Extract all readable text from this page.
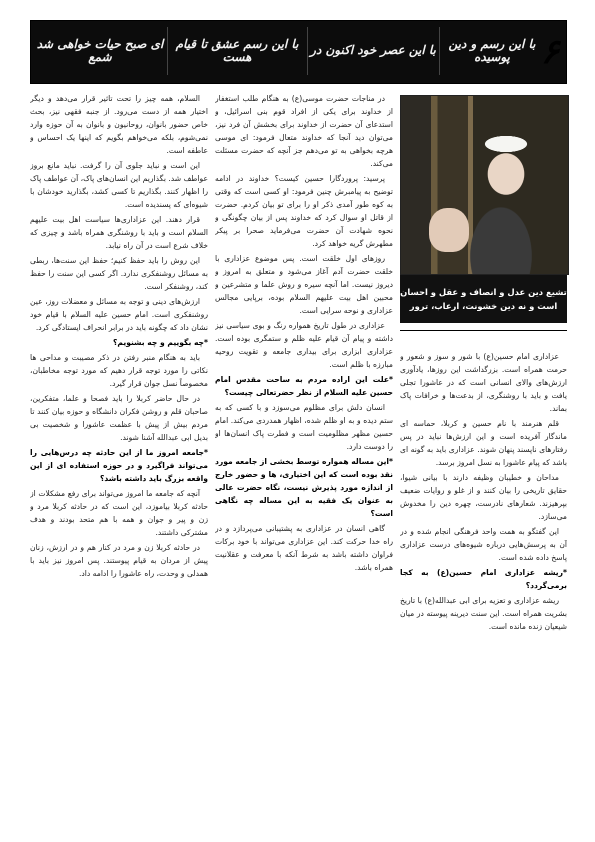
با این رسم و دین پوسیده
با این عصر خود اکنون در
با این رسم عشق تا قیام هست
ای صبح حیات خواهی شد شمع	۶
تشیع دین عدل و انصاف و عقل و احسان
است و نه دین خشونت، ارعاب، ترور

عزاداری امام حسین(ع) با شور و سوز و شعور و حرمت همراه است. بزرگداشت این روزها، یادآوری ارزش‌های والای انسانی است که در عاشورا تجلی یافت و باید با روشنگری، از بدعت‌ها و خرافات پاک بماند.

قلم هنرمند با نام حسین و کربلا، حماسه ای ماندگار آفریده است و این ارزش‌ها نباید در پس رفتارهای ناپسند پنهان شوند. عزاداری باید به گونه ای باشد که پیام عاشورا به نسل امروز برسد.

مداحان و خطیبان وظیفه دارند با بیانی شیوا، حقایق تاریخی را بیان کنند و از غلو و روایات ضعیف بپرهیزند. شعارهای نادرست، چهره دین را مخدوش می‌سازد.

این گفتگو به همت واحد فرهنگی انجام شده و در آن به پرسش‌هایی درباره شیوه‌های درست عزاداری پاسخ داده شده است.

*ریشه عزاداری امام حسین(ع) به کجا برمی‌گردد؟

ریشه عزاداری و تعزیه برای ابی عبدالله(ع) با تاریخ بشریت همراه است. این سنت دیرینه پیوسته در میان شیعیان زنده مانده است.

در مناجات حضرت موسی(ع) به هنگام طلب استغفار از خداوند برای یکی از افراد قوم بنی اسرائیل، و استدعای آن حضرت از خداوند برای بخشش آن فرد نیز، می‌توان دید آنجا که خداوند متعال فرمود: ای موسی هرچه بخواهی به تو می‌دهم جز آنچه که حضرت مسئلت می‌کند.

پرسید: پروردگارا حسین کیست؟ خداوند در ادامه توضیح به پیامبرش چنین فرمود: او کسی است که وقتی به کوه طور آمدی ذکر او را برای تو بیان کردم. حضرت از قاتل او سوال کرد که خداوند پس از بیان چگونگی و نحوه شهادت آن حضرت می‌فرماید صحرا بر پیکر مطهرش گریه خواهد کرد.

روزهای اول خلقت است. پس موضوع عزاداری با خلقت حضرت آدم آغاز می‌شود و متعلق به امروز و دیروز نیست. اما آنچه سیره و روش علما و متشرعین و محبین اهل بیت علیهم السلام بوده، برپایی مجالس عزاداری و نوحه سرایی است.

عزاداری در طول تاریخ همواره رنگ و بوی سیاسی نیز داشته و پیام آن قیام علیه ظلم و ستمگری بوده است. عزاداری ابزاری برای بیداری جامعه و تقویت روحیه مبارزه با ظلم است.

*علت این اراده مردم به ساحت مقدس امام حسین علیه السلام از نظر حضرتعالی چیست؟

انسان دلش برای مظلوم می‌سوزد و با کسی که به ستم دیده و به او ظلم شده، اظهار همدردی می‌کند. امام حسین مظهر مظلومیت است و فطرت پاک انسان‌ها او را دوست دارد.

*این مساله همواره توسط بخشی از جامعه مورد نقد بوده است که این اختیاری، ها و حضور خارج از اندازه مورد پذیرش نیست، نگاه حضرت عالی به عنوان یک فقیه به این مساله چه نگاهی است؟

گاهی انسان در عزاداری به پشتیبانی می‌پردازد و در راه خدا حرکت کند. این عزاداری می‌تواند با خود برکات فراوان داشته باشد به شرط آنکه با معرفت و عقلانیت همراه باشد.

السلام، همه چیز را تحت تاثیر قرار می‌دهد و دیگر اختیار همه از دست می‌رود. از جنبه فقهی نیز، بحث خاص حضور بانوان، روحانیون و بانوان به آن حوزه وارد نمی‌شوم، بلکه می‌خواهم بگویم که اینها یک احساس و عاطفه است.

این است و نباید جلوی آن را گرفت. نباید مانع بروز عواطف شد. بگذاریم این انسان‌های پاک، آن عواطف پاک را اظهار کنند. بگذاریم تا کسی کشد، بگذارید خودشان با شیوه‌ای که پسندیده است.

قرار دهند. این عزاداری‌ها سیاست اهل بیت علیهم السلام است و باید با روشنگری همراه باشد و چیزی که خلاف شرع است در آن راه نیابد.

این روش را باید حفظ کنیم؛ حفظ این سنت‌ها، ربطی به مسائل روشنفکری ندارد. اگر کسی این سنت را حفظ کند، روشنفکر است.

ارزش‌های دینی و توجه به مسائل و معضلات روز، عین روشنفکری است. امام حسین علیه السلام با قیام خود نشان داد که چگونه باید در برابر انحراف ایستادگی کرد.

*چه بگوییم و چه بشنویم؟

باید به هنگام منبر رفتن در ذکر مصیبت و مداحی ها نکاتی را مورد توجه قرار دهیم که مورد توجه مخاطبان، مخصوصاً نسل جوان قرار گیرد.

در حال حاضر کربلا را باید فصحا و علما، متفکرین، صاحبان قلم و روشن فکران دانشگاه و حوزه بیان کنند تا مردم بیش از پیش با عظمت عاشورا و شخصیت بی بدیل ابی عبدالله آشنا شوند.

*جامعه امروز ما از این حادثه چه درس‌هایی را می‌تواند فراگیرد و در حوزه استفاده ای از این واقعه بزرگ باید داشته باشد؟

آنچه که جامعه ما امروز می‌تواند برای رفع مشکلات از حادثه کربلا بیاموزد، این است که در حادثه کربلا مرد و زن و پیر و جوان و همه با هم متحد بودند و هدف مشترکی داشتند.

در حادثه کربلا زن و مرد در کنار هم و در ارزش، زنان پیش از مردان به قیام پیوستند. پس امروز نیز باید با همدلی و وحدت، راه عاشورا را ادامه داد.
